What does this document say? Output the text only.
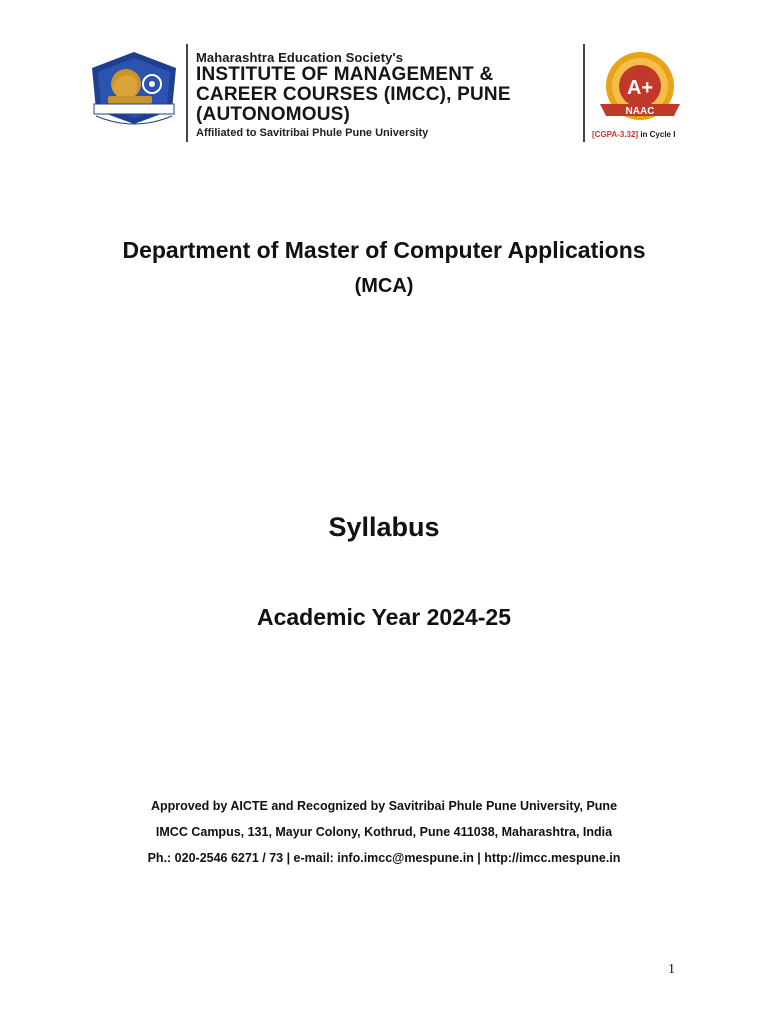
Maharashtra Education Society's
INSTITUTE OF MANAGEMENT &
CAREER COURSES (IMCC), PUNE
(AUTONOMOUS)
Affiliated to Savitribai Phule Pune University
A+
NAAC
[CGPA-3.32] in Cycle I
Department of Master of Computer Applications
(MCA)
Syllabus
Academic Year 2024-25
Approved by AICTE and Recognized by Savitribai Phule Pune University, Pune
IMCC Campus, 131, Mayur Colony, Kothrud, Pune 411038, Maharashtra, India
Ph.: 020-2546 6271 / 73 | e-mail: info.imcc@mespune.in | http://imcc.mespune.in
1
